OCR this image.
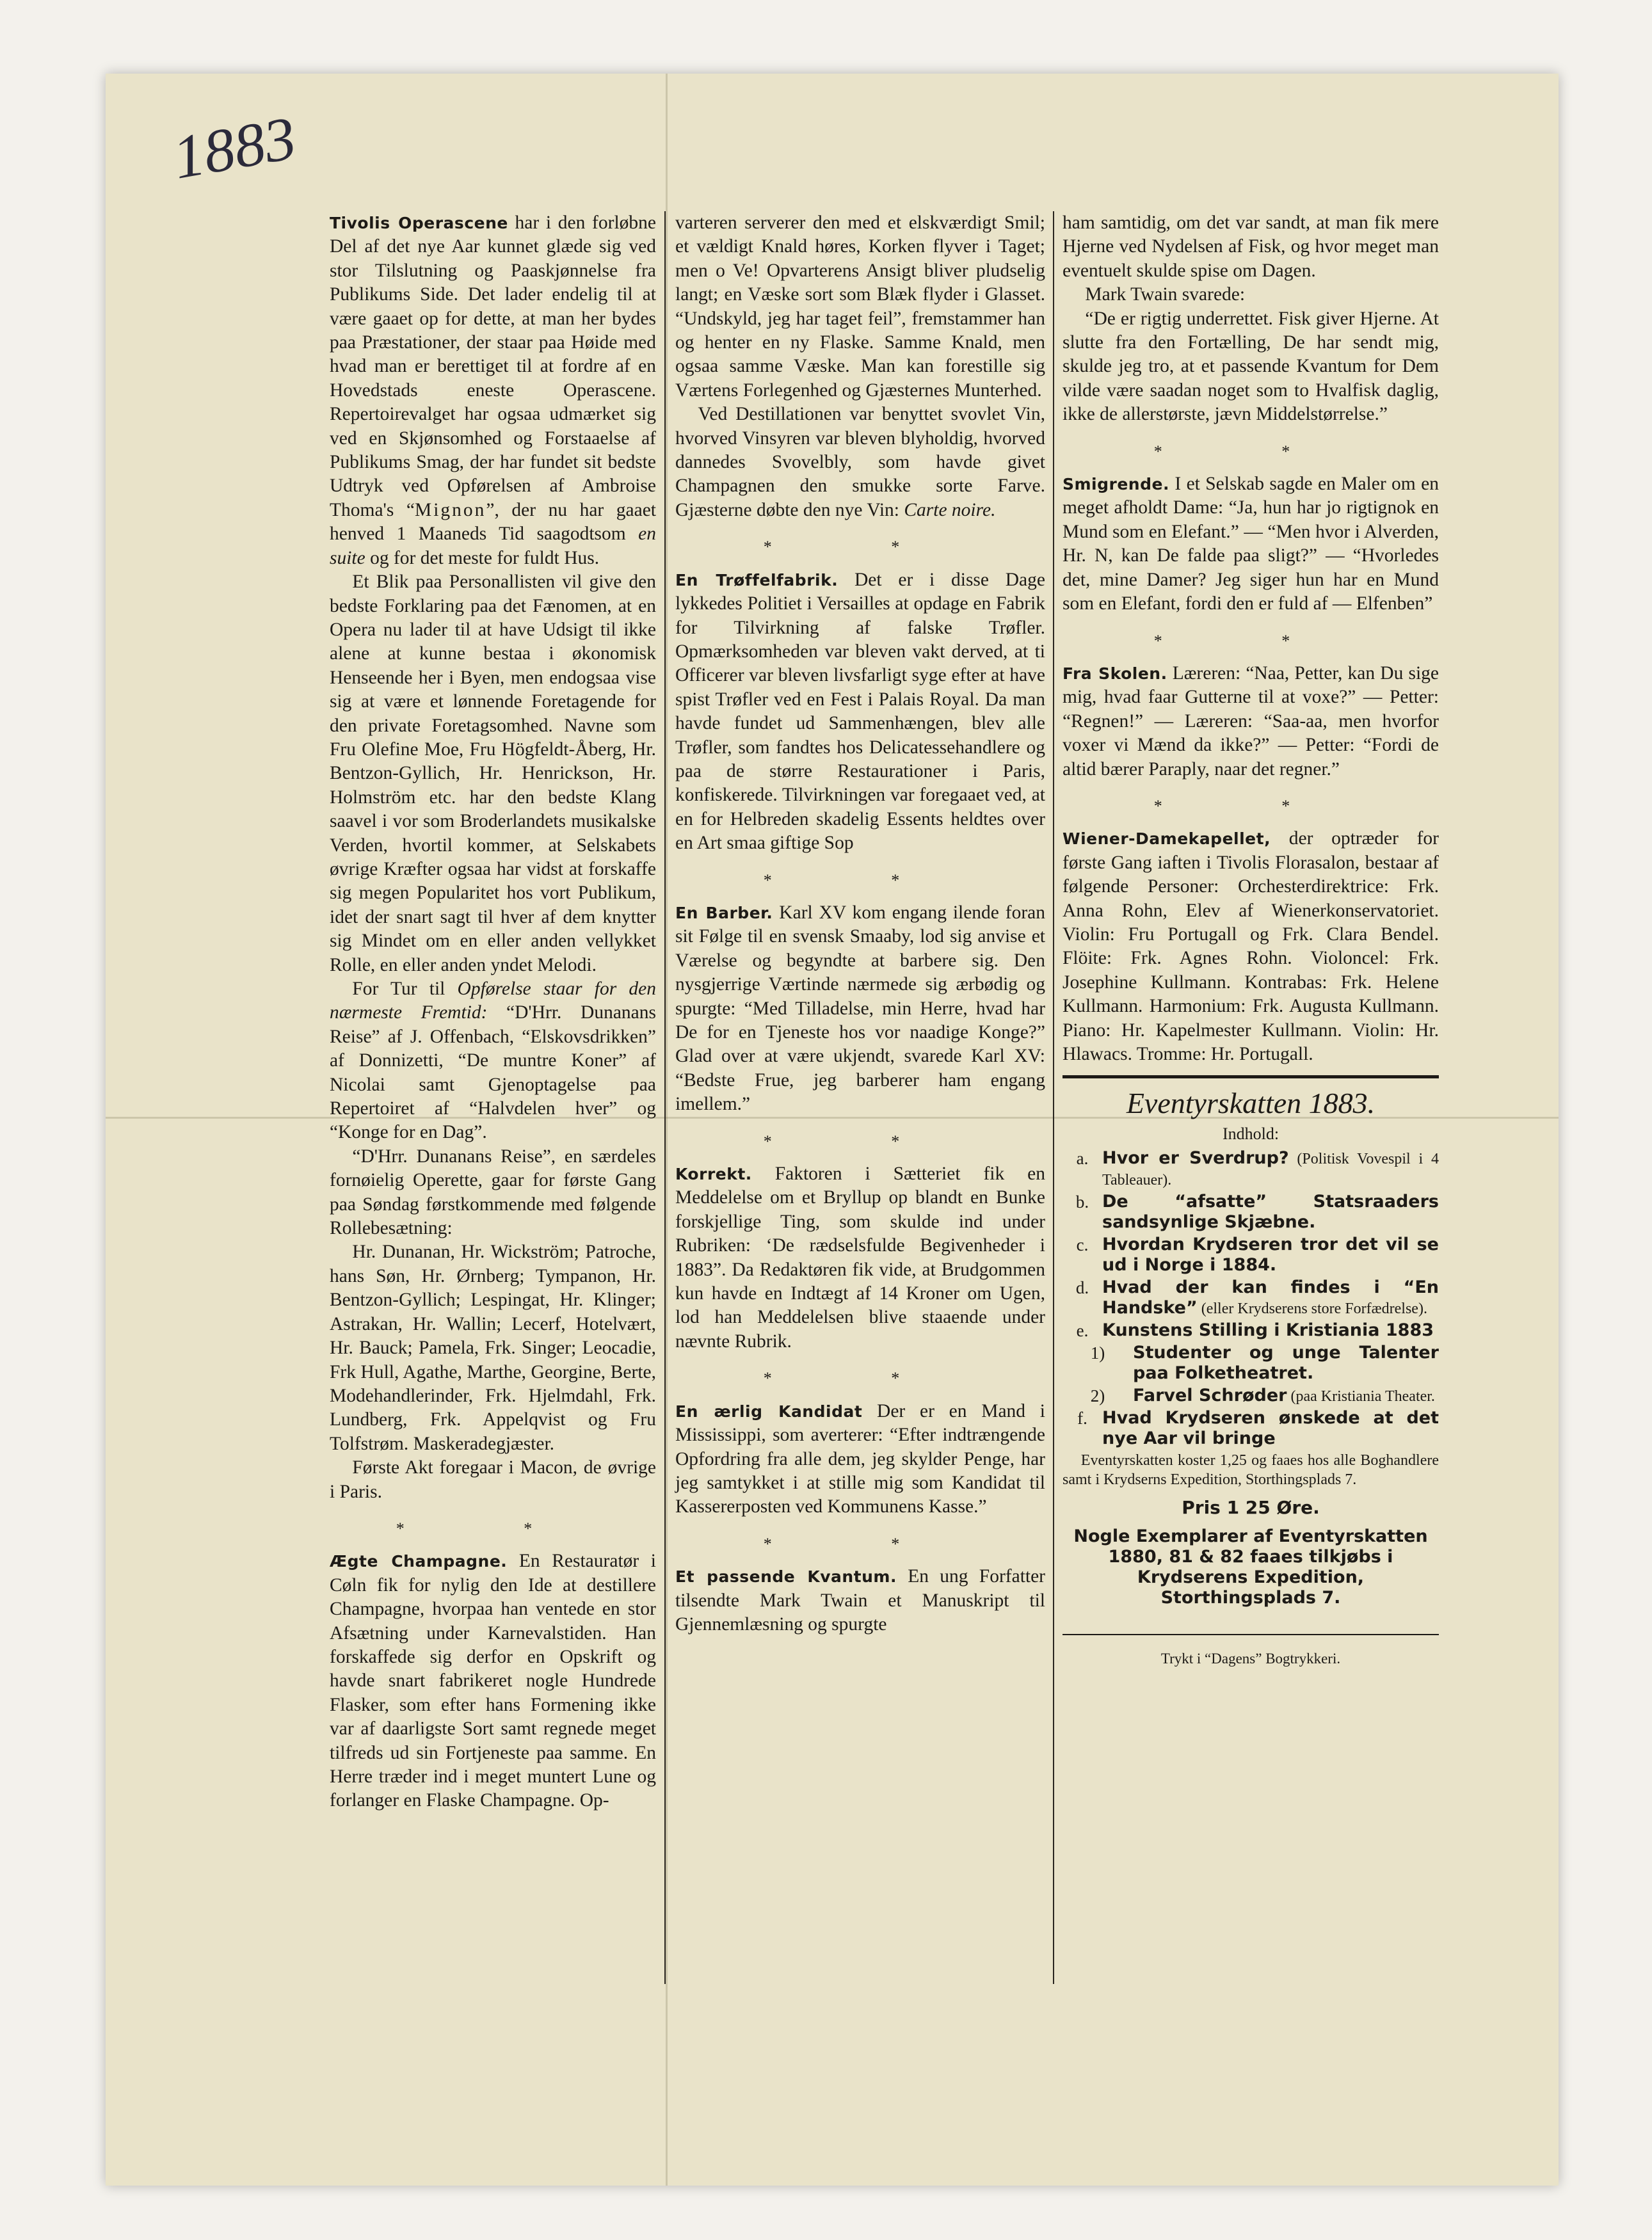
1883

Tivolis Operascene har i den forløbne Del af det nye Aar kunnet glæde sig ved stor Tilslutning og Paaskjønnelse fra Publikums Side. Det lader endelig til at være gaaet op for dette, at man her bydes paa Præstationer, der staar paa Høide med hvad man er berettiget til at fordre af en Hovedstads eneste Operascene. Repertoirevalget har ogsaa udmærket sig ved en Skjønsomhed og Forstaaelse af Publikums Smag, der har fundet sit bedste Udtryk ved Opførelsen af Ambroise Thoma's “Mignon”, der nu har gaaet henved 1 Maaneds Tid saagodtsom en suite og for det meste for fuldt Hus.

Et Blik paa Personallisten vil give den bedste Forklaring paa det Fænomen, at en Opera nu lader til at have Udsigt til ikke alene at kunne bestaa i økonomisk Henseende her i Byen, men endogsaa vise sig at være et lønnende Foretagende for den private Foretagsomhed. Navne som Fru Olefine Moe, Fru Högfeldt-Åberg, Hr. Bentzon-Gyllich, Hr. Henrickson, Hr. Holmström etc. har den bedste Klang saavel i vor som Broderlandets musikalske Verden, hvortil kommer, at Selskabets øvrige Kræfter ogsaa har vidst at forskaffe sig megen Popularitet hos vort Publikum, idet der snart sagt til hver af dem knytter sig Mindet om en eller anden vellykket Rolle, en eller anden yndet Melodi.

For Tur til Opførelse staar for den nærmeste Fremtid: “D'Hrr. Dunanans Reise” af J. Offenbach, “Elskovsdrikken” af Donnizetti, “De muntre Koner” af Nicolai samt Gjenoptagelse paa Repertoiret af “Halvdelen hver” og “Konge for en Dag”.

“D'Hrr. Dunanans Reise”, en særdeles fornøielig Operette, gaar for første Gang paa Søndag førstkommende med følgende Rollebesætning:

Hr. Dunanan, Hr. Wickström; Patroche, hans Søn, Hr. Ørnberg; Tympanon, Hr. Bentzon-Gyllich; Lespingat, Hr. Klinger; Astrakan, Hr. Wallin; Lecerf, Hotelvært, Hr. Bauck; Pamela, Frk. Singer; Leocadie, Frk Hull, Agathe, Marthe, Georgine, Berte, Modehandlerinder, Frk. Hjelmdahl, Frk. Lundberg, Frk. Appelqvist og Fru Tolfstrøm. Maskeradegjæster.

Første Akt foregaar i Macon, de øvrige i Paris.

* *

Ægte Champagne. En Restauratør i Cøln fik for nylig den Ide at destillere Champagne, hvorpaa han ventede en stor Afsætning under Karnevalstiden. Han forskaffede sig derfor en Opskrift og havde snart fabrikeret nogle Hundrede Flasker, som efter hans Formening ikke var af daarligste Sort samt regnede meget tilfreds ud sin Fortjeneste paa samme. En Herre træder ind i meget muntert Lune og forlanger en Flaske Champagne. Op-

varteren serverer den med et elskværdigt Smil; et vældigt Knald høres, Korken flyver i Taget; men o Ve! Opvarterens Ansigt bliver pludselig langt; en Væske sort som Blæk flyder i Glasset. “Undskyld, jeg har taget feil”, fremstammer han og henter en ny Flaske. Samme Knald, men ogsaa samme Væske. Man kan forestille sig Værtens Forlegenhed og Gjæsternes Munterhed.

Ved Destillationen var benyttet svovlet Vin, hvorved Vinsyren var bleven blyholdig, hvorved dannedes Svovelbly, som havde givet Champagnen den smukke sorte Farve. Gjæsterne døbte den nye Vin: Carte noire.

* *

En Trøffelfabrik. Det er i disse Dage lykkedes Politiet i Versailles at opdage en Fabrik for Tilvirkning af falske Trøfler. Opmærksomheden var bleven vakt derved, at ti Officerer var bleven livsfarligt syge efter at have spist Trøfler ved en Fest i Palais Royal. Da man havde fundet ud Sammenhængen, blev alle Trøfler, som fandtes hos Delicatessehandlere og paa de større Restaurationer i Paris, konfiskerede. Tilvirkningen var foregaaet ved, at en for Helbreden skadelig Essents heldtes over en Art smaa giftige Sop

* *

En Barber. Karl XV kom engang ilende foran sit Følge til en svensk Smaaby, lod sig anvise et Værelse og begyndte at barbere sig. Den nysgjerrige Værtinde nærmede sig ærbødig og spurgte: “Med Tilladelse, min Herre, hvad har De for en Tjeneste hos vor naadige Konge?” Glad over at være ukjendt, svarede Karl XV: “Bedste Frue, jeg barberer ham engang imellem.”

* *

Korrekt. Faktoren i Sætteriet fik en Meddelelse om et Bryllup op blandt en Bunke forskjellige Ting, som skulde ind under Rubriken: ‘De rædselsfulde Begivenheder i 1883”. Da Redaktøren fik vide, at Brudgommen kun havde en Indtægt af 14 Kroner om Ugen, lod han Meddelelsen blive staaende under nævnte Rubrik.

* *

En ærlig Kandidat Der er en Mand i Mississippi, som averterer: “Efter indtrængende Opfordring fra alle dem, jeg skylder Penge, har jeg samtykket i at stille mig som Kandidat til Kassererposten ved Kommunens Kasse.”

* *

Et passende Kvantum. En ung Forfatter tilsendte Mark Twain et Manuskript til Gjennemlæsning og spurgte

ham samtidig, om det var sandt, at man fik mere Hjerne ved Nydelsen af Fisk, og hvor meget man eventuelt skulde spise om Dagen.

Mark Twain svarede:

“De er rigtig underrettet. Fisk giver Hjerne. At slutte fra den Fortælling, De har sendt mig, skulde jeg tro, at et passende Kvantum for Dem vilde være saadan noget som to Hvalfisk daglig, ikke de allerstørste, jævn Middelstørrelse.”

* *

Smigrende. I et Selskab sagde en Maler om en meget afholdt Dame: “Ja, hun har jo rigtignok en Mund som en Elefant.” — “Men hvor i Alverden, Hr. N, kan De falde paa sligt?” — “Hvorledes det, mine Damer? Jeg siger hun har en Mund som en Elefant, fordi den er fuld af — Elfenben”

* *

Fra Skolen. Læreren: “Naa, Petter, kan Du sige mig, hvad faar Gutterne til at voxe?” — Petter: “Regnen!” — Læreren: “Saa-aa, men hvorfor voxer vi Mænd da ikke?” — Petter: “Fordi de altid bærer Paraply, naar det regner.”

* *

Wiener-Damekapellet, der optræder for første Gang iaften i Tivolis Florasalon, bestaar af følgende Personer: Orchesterdirektrice: Frk. Anna Rohn, Elev af Wienerkonservatoriet. Violin: Fru Portugall og Frk. Clara Bendel. Flöite: Frk. Agnes Rohn. Violoncel: Frk. Josephine Kullmann. Kontrabas: Frk. Helene Kullmann. Harmonium: Frk. Augusta Kullmann. Piano: Hr. Kapelmester Kullmann. Violin: Hr. Hlawacs. Tromme: Hr. Portugall.

Eventyrskatten 1883.
Indhold:
a. Hvor er Sverdrup? (Politisk Vovespil i 4 Tableauer).
b. De “afsatte” Statsraaders sandsynlige Skjæbne.
c. Hvordan Krydseren tror det vil se ud i Norge i 1884.
d. Hvad der kan findes i “En Handske” (eller Krydserens store Forfædrelse).
e. Kunstens Stilling i Kristiania 1883
1)	Studenter og unge Talenter paa Folketheatret.
2)	Farvel Schrøder (paa Kristiania Theater.
f. Hvad Krydseren ønskede at det nye Aar vil bringe

Eventyrskatten koster 1,25 og faaes hos alle Boghandlere samt i Krydserns Expedition, Storthingsplads 7.

Pris 1 25 Øre.
Nogle Exemplarer af Eventyrskatten 1880, 81 & 82 faaes tilkjøbs i Krydserens Expedition, Storthingsplads 7.
Trykt i “Dagens” Bogtrykkeri.
